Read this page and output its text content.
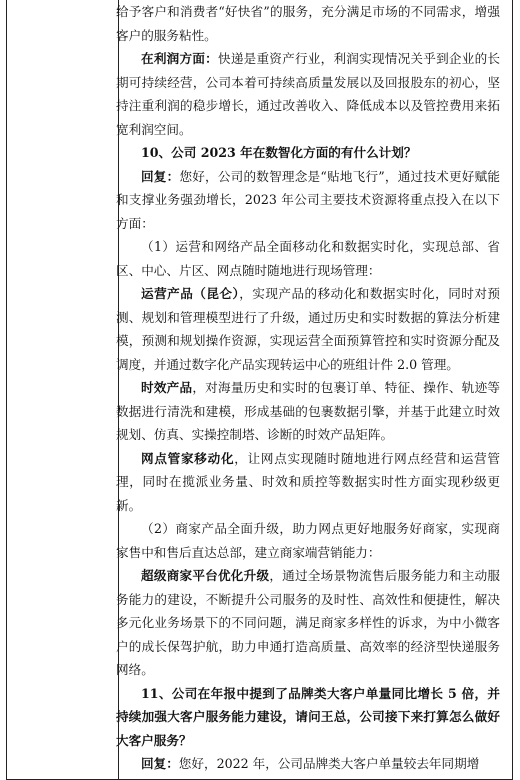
给予客户和消费者“好快省”的服务，充分满足市场的不同需求，增强客户的服务粘性。

在利润方面：快递是重资产行业，利润实现情况关乎到企业的长期可持续经营，公司本着可持续高质量发展以及回报股东的初心，坚持注重利润的稳步增长，通过改善收入、降低成本以及管控费用来拓宽利润空间。

10、公司 2023 年在数智化方面的有什么计划？

回复：您好，公司的数智理念是“贴地飞行”，通过技术更好赋能和支撑业务强劲增长，2023 年公司主要技术资源将重点投入在以下方面：

（1）运营和网络产品全面移动化和数据实时化，实现总部、省区、中心、片区、网点随时随地进行现场管理：

运营产品（昆仑），实现产品的移动化和数据实时化，同时对预测、规划和管理模型进行了升级，通过历史和实时数据的算法分析建模，预测和规划操作资源，实现运营全面预算管控和实时资源分配及调度，并通过数字化产品实现转运中心的班组计件 2.0 管理。

时效产品，对海量历史和实时的包裹订单、特征、操作、轨迹等数据进行清洗和建模，形成基础的包裹数据引擎，并基于此建立时效规划、仿真、实操控制塔、诊断的时效产品矩阵。

网点管家移动化，让网点实现随时随地进行网点经营和运营管理，同时在揽派业务量、时效和质控等数据实时性方面实现秒级更新。

（2）商家产品全面升级，助力网点更好地服务好商家，实现商家售中和售后直达总部，建立商家端营销能力：

超级商家平台优化升级，通过全场景物流售后服务能力和主动服务能力的建设，不断提升公司服务的及时性、高效性和便捷性，解决多元化业务场景下的不同问题，满足商家多样性的诉求，为中小微客户的成长保驾护航，助力申通打造高质量、高效率的经济型快递服务网络。

11、公司在年报中提到了品牌类大客户单量同比增长 5 倍，并持续加强大客户服务能力建设，请问王总，公司接下来打算怎么做好大客户服务？

回复：您好，2022 年，公司品牌类大客户单量较去年同期增
